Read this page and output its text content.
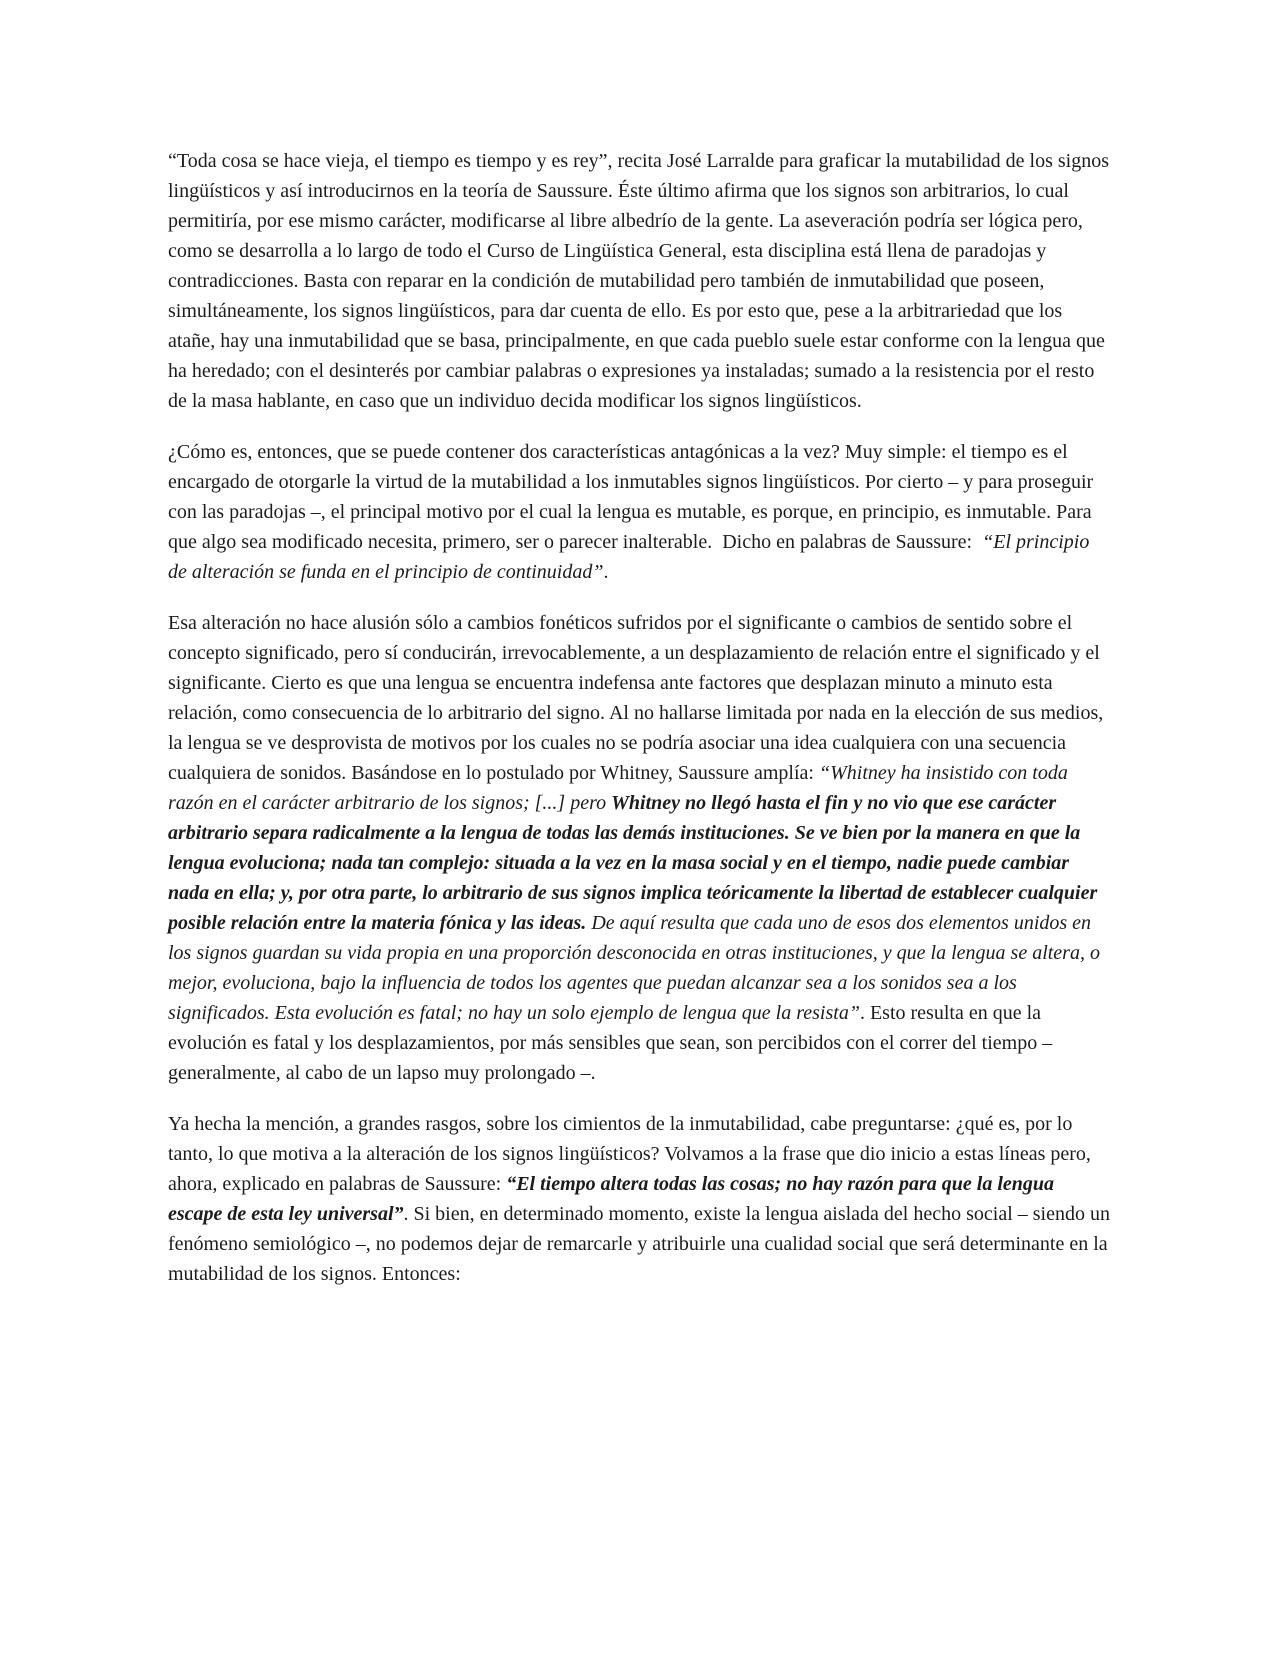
“Toda cosa se hace vieja, el tiempo es tiempo y es rey”, recita José Larralde para graficar la mutabilidad de los signos lingüísticos y así introducirnos en la teoría de Saussure. Éste último afirma que los signos son arbitrarios, lo cual permitiría, por ese mismo carácter, modificarse al libre albedrío de la gente. La aseveración podría ser lógica pero, como se desarrolla a lo largo de todo el Curso de Lingüística General, esta disciplina está llena de paradojas y contradicciones. Basta con reparar en la condición de mutabilidad pero también de inmutabilidad que poseen, simultáneamente, los signos lingüísticos, para dar cuenta de ello. Es por esto que, pese a la arbitrariedad que los atañe, hay una inmutabilidad que se basa, principalmente, en que cada pueblo suele estar conforme con la lengua que ha heredado; con el desinterés por cambiar palabras o expresiones ya instaladas; sumado a la resistencia por el resto de la masa hablante, en caso que un individuo decida modificar los signos lingüísticos.

¿Cómo es, entonces, que se puede contener dos características antagónicas a la vez? Muy simple: el tiempo es el encargado de otorgarle la virtud de la mutabilidad a los inmutables signos lingüísticos. Por cierto – y para proseguir con las paradojas –, el principal motivo por el cual la lengua es mutable, es porque, en principio, es inmutable. Para que algo sea modificado necesita, primero, ser o parecer inalterable.  Dicho en palabras de Saussure:  “El principio de alteración se funda en el principio de continuidad”.

Esa alteración no hace alusión sólo a cambios fonéticos sufridos por el significante o cambios de sentido sobre el concepto significado, pero sí conducirán, irrevocablemente, a un desplazamiento de relación entre el significado y el significante. Cierto es que una lengua se encuentra indefensa ante factores que desplazan minuto a minuto esta relación, como consecuencia de lo arbitrario del signo. Al no hallarse limitada por nada en la elección de sus medios, la lengua se ve desprovista de motivos por los cuales no se podría asociar una idea cualquiera con una secuencia cualquiera de sonidos. Basándose en lo postulado por Whitney, Saussure amplía: “Whitney ha insistido con toda razón en el carácter arbitrario de los signos; [...] pero Whitney no llegó hasta el fin y no vio que ese carácter arbitrario separa radicalmente a la lengua de todas las demás instituciones. Se ve bien por la manera en que la lengua evoluciona; nada tan complejo: situada a la vez en la masa social y en el tiempo, nadie puede cambiar nada en ella; y, por otra parte, lo arbitrario de sus signos implica teóricamente la libertad de establecer cualquier posible relación entre la materia fónica y las ideas. De aquí resulta que cada uno de esos dos elementos unidos en los signos guardan su vida propia en una proporción desconocida en otras instituciones, y que la lengua se altera, o mejor, evoluciona, bajo la influencia de todos los agentes que puedan alcanzar sea a los sonidos sea a los significados. Esta evolución es fatal; no hay un solo ejemplo de lengua que la resista”. Esto resulta en que la evolución es fatal y los desplazamientos, por más sensibles que sean, son percibidos con el correr del tiempo – generalmente, al cabo de un lapso muy prolongado –.

Ya hecha la mención, a grandes rasgos, sobre los cimientos de la inmutabilidad, cabe preguntarse: ¿qué es, por lo tanto, lo que motiva a la alteración de los signos lingüísticos? Volvamos a la frase que dio inicio a estas líneas pero, ahora, explicado en palabras de Saussure: “El tiempo altera todas las cosas; no hay razón para que la lengua escape de esta ley universal”. Si bien, en determinado momento, existe la lengua aislada del hecho social – siendo un fenómeno semiológico –, no podemos dejar de remarcarle y atribuirle una cualidad social que será determinante en la mutabilidad de los signos. Entonces:
